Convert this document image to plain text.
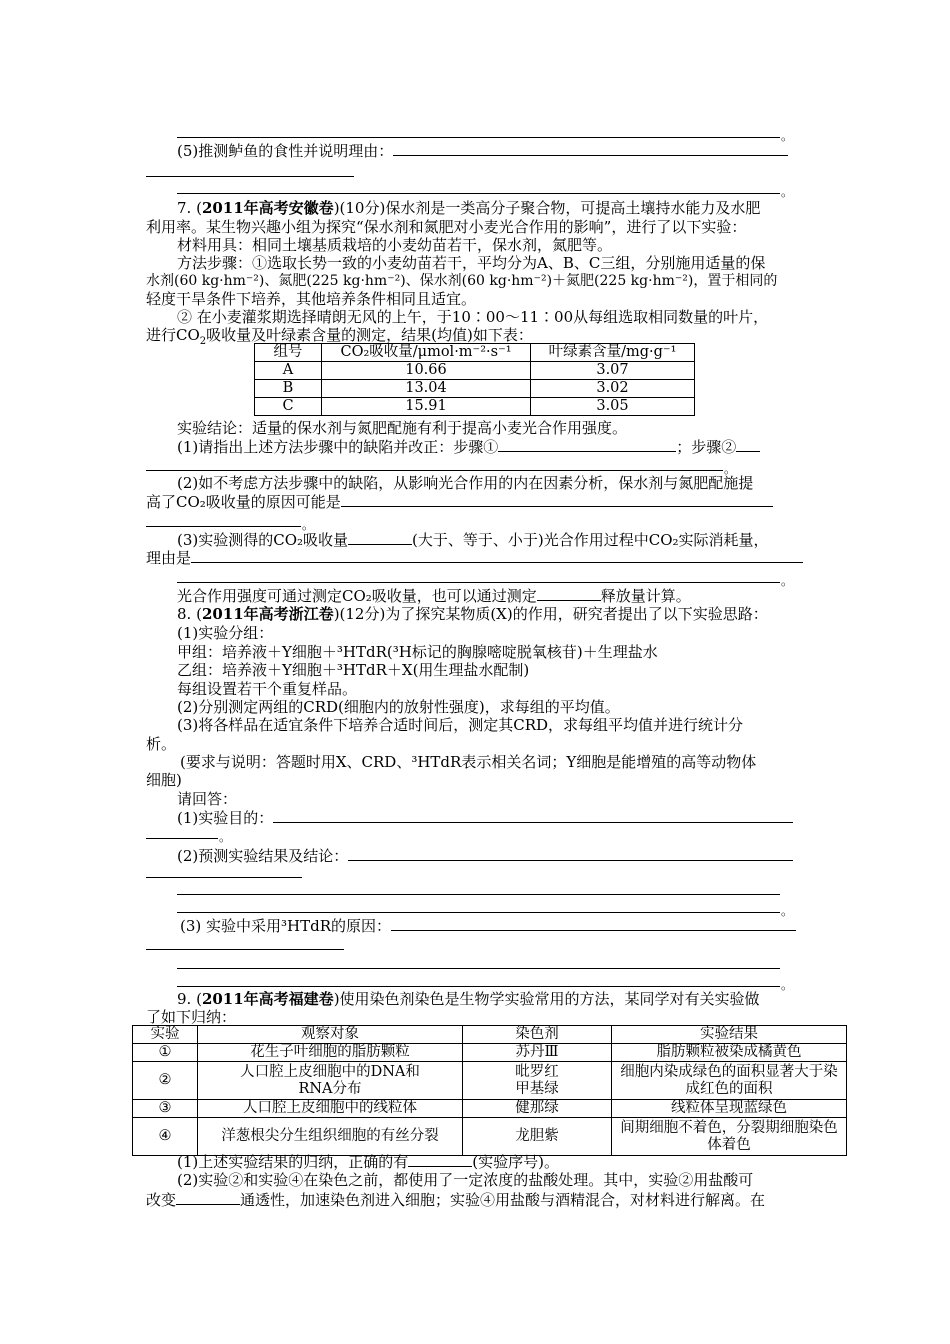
。
(5)推测鲈鱼的食性并说明理由：
。
7. (2011年高考安徽卷)(10分)保水剂是一类高分子聚合物，可提高土壤持水能力及水肥
利用率。某生物兴趣小组为探究“保水剂和氮肥对小麦光合作用的影响”，进行了以下实验：
材料用具：相同土壤基质栽培的小麦幼苗若干，保水剂，氮肥等。
方法步骤：①选取长势一致的小麦幼苗若干，平均分为A、B、C三组，分别施用适量的保
水剂(60 kg·hm⁻²)、氮肥(225 kg·hm⁻²)、保水剂(60 kg·hm⁻²)＋氮肥(225 kg·hm⁻²)，置于相同的
轻度干旱条件下培养，其他培养条件相同且适宜。
② 在小麦灌浆期选择晴朗无风的上午，于10∶00～11∶00从每组选取相同数量的叶片，
进行$CO_2$吸收量及叶绿素含量的测定，结果(均值)如下表：
组号	CO₂吸收量/μmol·m⁻²·s⁻¹	叶绿素含量/mg·g⁻¹
A	10.66	3.07
B	13.04	3.02
C	15.91	3.05
实验结论：适量的保水剂与氮肥配施有利于提高小麦光合作用强度。
(1)请指出上述方法步骤中的缺陷并改正：步骤①	；步骤②
。
(2)如不考虑方法步骤中的缺陷，从影响光合作用的内在因素分析，保水剂与氮肥配施提
高了CO₂吸收量的原因可能是
。
(3)实验测得的CO₂吸收量	(大于、等于、小于)光合作用过程中CO₂实际消耗量，
理由是
。
光合作用强度可通过测定CO₂吸收量，也可以通过测定	释放量计算。
8. (2011年高考浙江卷)(12分)为了探究某物质(X)的作用，研究者提出了以下实验思路：
(1)实验分组：
甲组：培养液＋Y细胞＋³HTdR(³H标记的胸腺嘧啶脱氧核苷)＋生理盐水
乙组：培养液＋Y细胞＋³HTdR＋X(用生理盐水配制)
每组设置若干个重复样品。
(2)分别测定两组的CRD(细胞内的放射性强度)，求每组的平均值。
(3)将各样品在适宜条件下培养合适时间后，测定其CRD，求每组平均值并进行统计分
析。
(要求与说明：答题时用X、CRD、³HTdR表示相关名词；Y细胞是能增殖的高等动物体
细胞)
请回答：
(1)实验目的：
。
(2)预测实验结果及结论：
。
(3) 实验中采用³HTdR的原因：
。
9. (2011年高考福建卷)使用染色剂染色是生物学实验常用的方法，某同学对有关实验做
了如下归纳：
实验	观察对象	染色剂	实验结果
①	花生子叶细胞的脂肪颗粒	苏丹Ⅲ	脂肪颗粒被染成橘黄色
②	人口腔上皮细胞中的DNA和RNA分布	吡罗红
甲基绿	细胞内染成绿色的面积显著大于染成红色的面积
③	人口腔上皮细胞中的线粒体	健那绿	线粒体呈现蓝绿色
④	洋葱根尖分生组织细胞的有丝分裂	龙胆紫	间期细胞不着色，分裂期细胞染色体着色
(1)上述实验结果的归纳，正确的有	(实验序号)。
(2)实验②和实验④在染色之前，都使用了一定浓度的盐酸处理。其中，实验②用盐酸可
改变	通透性，加速染色剂进入细胞；实验④用盐酸与酒精混合，对材料进行解离。在
